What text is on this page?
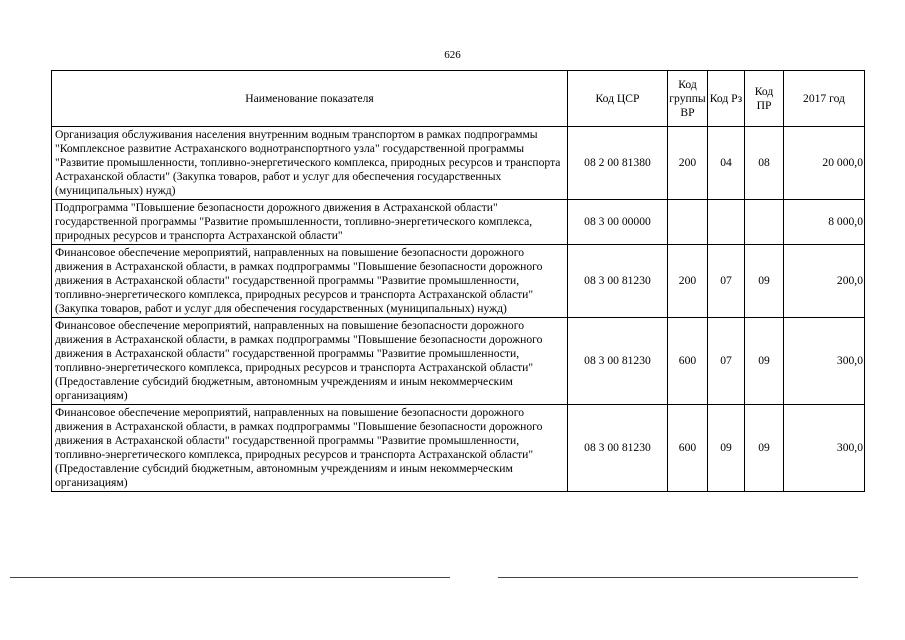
626
Наименование показателя	Код ЦСР	Код группы ВР	Код Рз	Код ПР	2017 год
Организация обслуживания населения внутренним водным транспортом в рамках подпрограммы "Комплексное развитие Астраханского воднотранспортного узла" государственной программы "Развитие промышленности, топливно-энергетического комплекса, природных ресурсов и транспорта Астраханской области" (Закупка товаров, работ и услуг для обеспечения государственных (муниципальных) нужд)	08 2 00 81380	200	04	08	20 000,0
Подпрограмма "Повышение безопасности дорожного движения в Астраханской области" государственной программы "Развитие промышленности, топливно-энергетического комплекса, природных ресурсов и транспорта Астраханской области"	08 3 00 00000				8 000,0
Финансовое обеспечение мероприятий, направленных на повышение безопасности дорожного движения в Астраханской области, в рамках подпрограммы "Повышение безопасности дорожного движения в Астраханской области" государственной программы "Развитие промышленности, топливно-энергетического комплекса, природных ресурсов и транспорта Астраханской области" (Закупка товаров, работ и услуг для обеспечения государственных (муниципальных) нужд)	08 3 00 81230	200	07	09	200,0
Финансовое обеспечение мероприятий, направленных на повышение безопасности дорожного движения в Астраханской области, в рамках подпрограммы "Повышение безопасности дорожного движения в Астраханской области" государственной программы "Развитие промышленности, топливно-энергетического комплекса, природных ресурсов и транспорта Астраханской области" (Предоставление субсидий бюджетным, автономным учреждениям и иным некоммерческим организациям)	08 3 00 81230	600	07	09	300,0
Финансовое обеспечение мероприятий, направленных на повышение безопасности дорожного движения в Астраханской области, в рамках подпрограммы "Повышение безопасности дорожного движения в Астраханской области" государственной программы "Развитие промышленности, топливно-энергетического комплекса, природных ресурсов и транспорта Астраханской области" (Предоставление субсидий бюджетным, автономным учреждениям и иным некоммерческим организациям)	08 3 00 81230	600	09	09	300,0
